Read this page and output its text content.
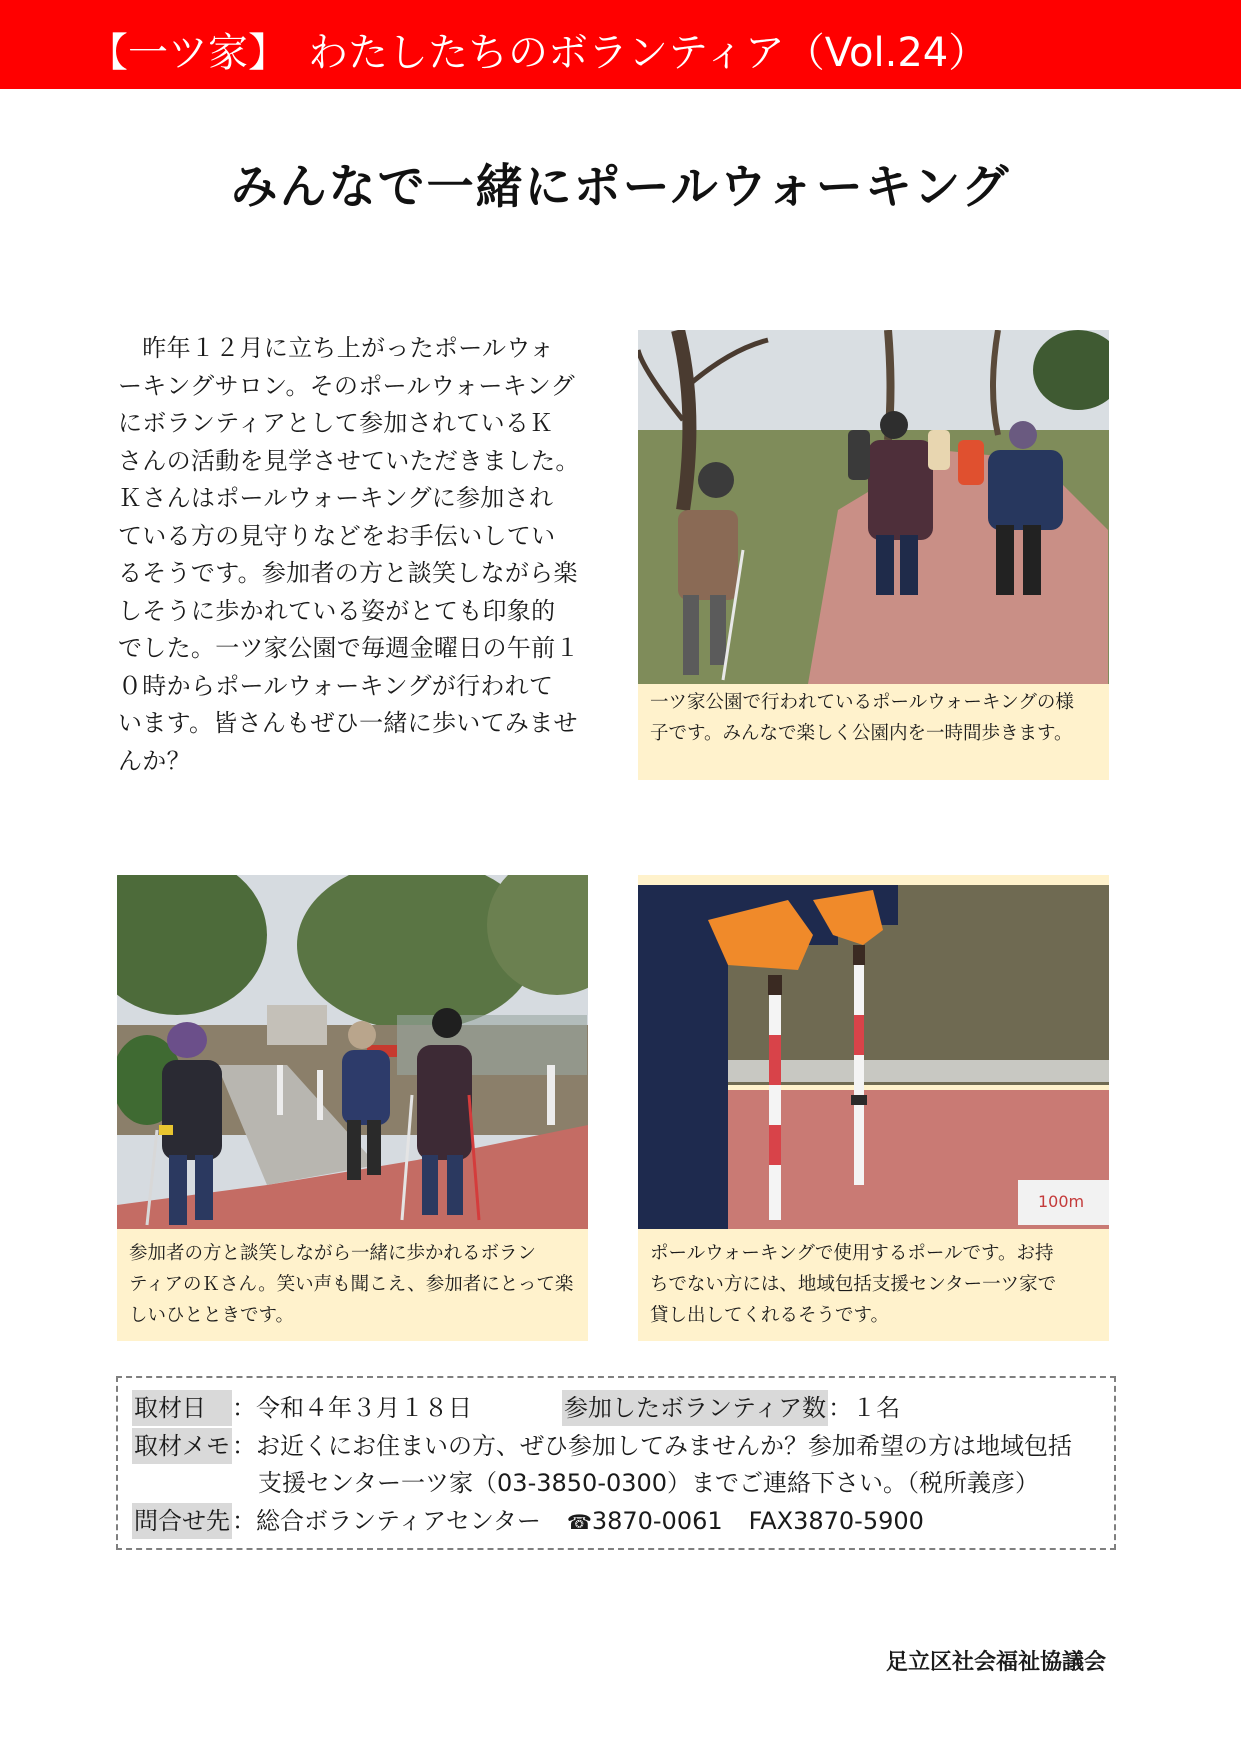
【一ツ家】　わたしたちのボランティア（Vol.24）
みんなで一緒にポールウォーキング
　昨年１２月に立ち上がったポールウォ
ーキングサロン。そのポールウォーキング
にボランティアとして参加されているＫ
さんの活動を見学させていただきました。
Ｋさんはポールウォーキングに参加され
ている方の見守りなどをお手伝いしてい
るそうです。参加者の方と談笑しながら楽
しそうに歩かれている姿がとても印象的
でした。一ツ家公園で毎週金曜日の午前１
０時からポールウォーキングが行われて
います。皆さんもぜひ一緒に歩いてみませ
んか？
一ツ家公園で行われているポールウォーキングの様
子です。みんなで楽しく公園内を一時間歩きます。
参加者の方と談笑しながら一緒に歩かれるボラン
ティアのＫさん。笑い声も聞こえ、参加者にとって楽
しいひとときです。
100m
ポールウォーキングで使用するポールです。お持
ちでない方には、地域包括支援センター一ツ家で
貸し出してくれるそうです。
取材日　：令和４年３月１８日	参加したボランティア数：１名
取材メモ：お近くにお住まいの方、ぜひ参加してみませんか？参加希望の方は地域包括
支援センター一ツ家（03-3850-0300）までご連絡下さい。（税所義彦）
問合せ先：総合ボランティアセンター ☎3870-0061 FAX3870-5900
足立区社会福祉協議会
